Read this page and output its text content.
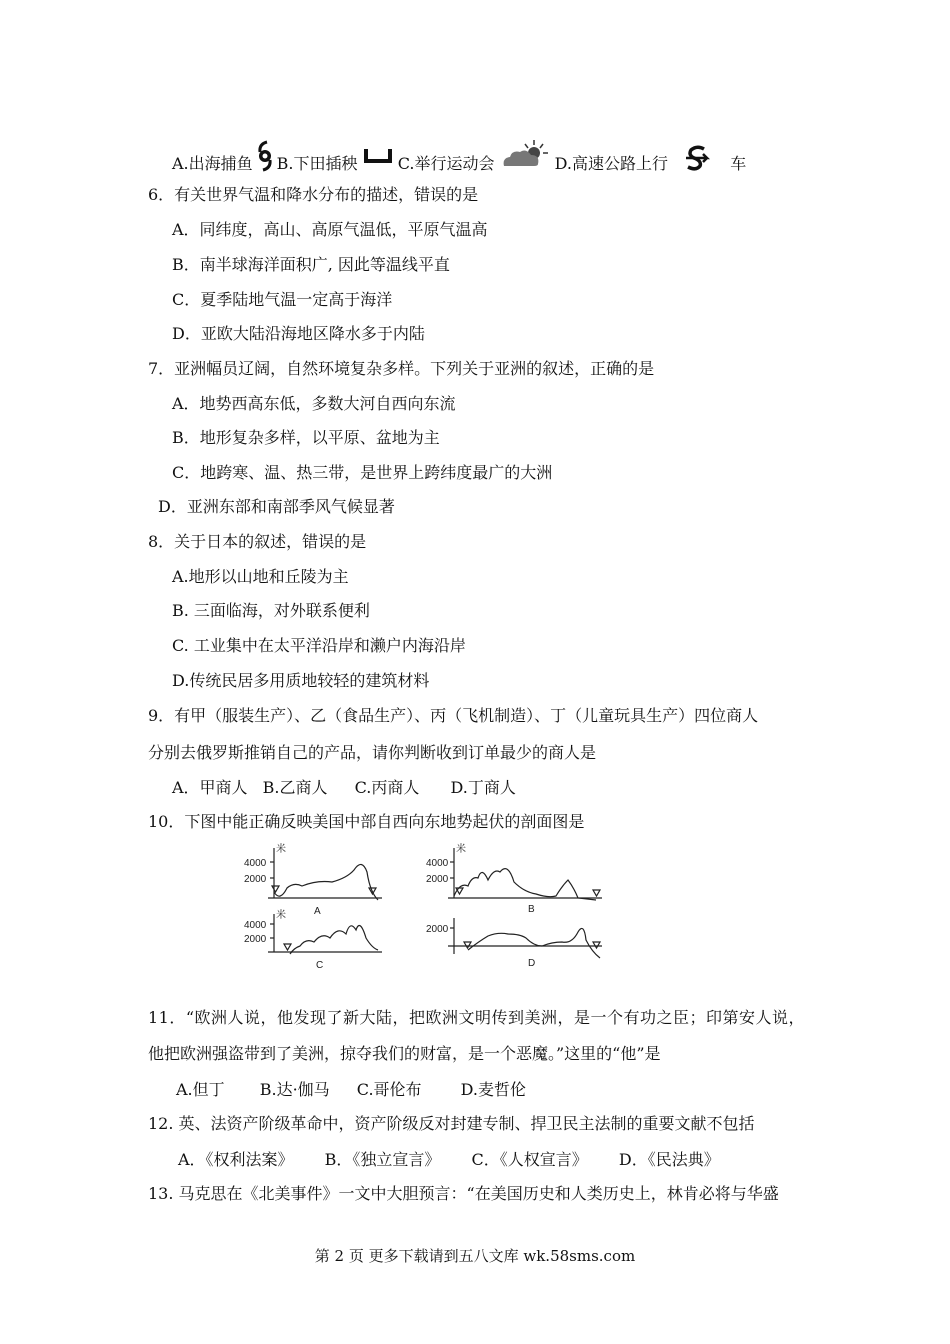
A.出海捕鱼 B.下田插秧	C.举行运动会	D.高速公路上行	车
6．有关世界气温和降水分布的描述，错误的是
A．同纬度，高山、高原气温低，平原气温高
B．南半球海洋面积广, 因此等温线平直
C．夏季陆地气温一定高于海洋
D．亚欧大陆沿海地区降水多于内陆
7．亚洲幅员辽阔，自然环境复杂多样。下列关于亚洲的叙述，正确的是
A．地势西高东低，多数大河自西向东流
B．地形复杂多样，以平原、盆地为主
C．地跨寒、温、热三带，是世界上跨纬度最广的大洲
D．亚洲东部和南部季风气候显著
8．关于日本的叙述，错误的是
A.地形以山地和丘陵为主
B. 三面临海，对外联系便利
C. 工业集中在太平洋沿岸和濑户内海沿岸
D.传统民居多用质地较轻的建筑材料
9．有甲（服装生产）、乙（食品生产）、丙（飞机制造）、丁（儿童玩具生产）四位商人
分别去俄罗斯推销自己的产品，请你判断收到订单最少的商人是
A．甲商人 B.乙商人 C.丙商人 D.丁商人
10．下图中能正确反映美国中部自西向东地势起伏的剖面图是
米
4000
2000
A
米
4000
2000
B
米
4000
2000
C
2000
D
11．“欧洲人说，他发现了新大陆，把欧洲文明传到美洲，是一个有功之臣；印第安人说，
他把欧洲强盗带到了美洲，掠夺我们的财富，是一个恶魔。”这里的“他”是
A.但丁 B.达·伽马 C.哥伦布 D.麦哲伦
12. 英、法资产阶级革命中，资产阶级反对封建专制、捍卫民主法制的重要文献不包括
A．《权利法案》 B．《独立宣言》 C．《人权宣言》 D．《民法典》
13. 马克思在《北美事件》一文中大胆预言：“在美国历史和人类历史上，林肯必将与华盛
第 2 页 更多下载请到五八文库 wk.58sms.com
